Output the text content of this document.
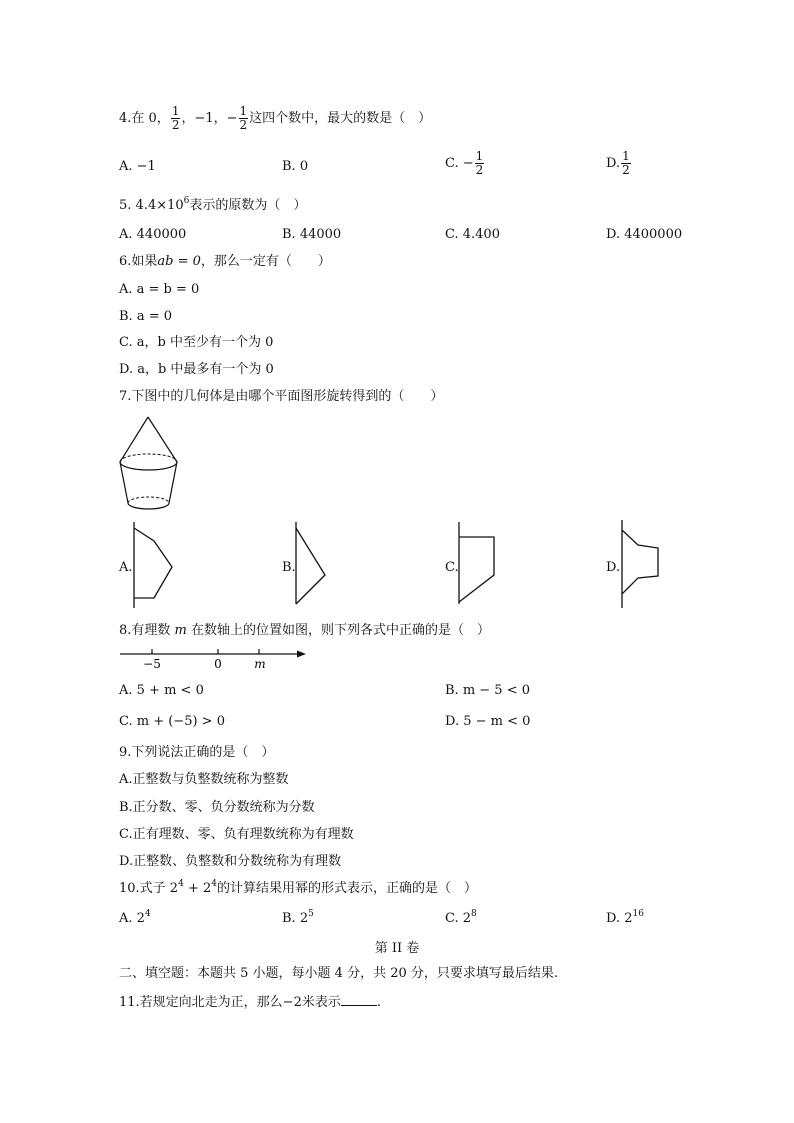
4.在 0， $\frac{1}{2}$ ，−1，− $\frac{1}{2}$ 这四个数中，最大的数是（　）
A. −1	B. 0	C. − $\frac{1}{2}$	D. $\frac{1}{2}$
5. $4.4\times 10^6$表示的原数为（　）
A. 440000	B. 44000	C. 4.400	D. 4400000
6.如果ab = 0，那么一定有（　　）
A. a = b = 0
B. a = 0
C. a，b 中至少有一个为 0
D. a，b 中最多有一个为 0
7.下图中的几何体是由哪个平面图形旋转得到的（　　）
A.	B.	C.	D.
8.有理数 m 在数轴上的位置如图，则下列各式中正确的是（　）
−5	0	m
A. 5 + m < 0	B. m − 5 < 0
C. m + (−5) > 0	D. 5 − m < 0
9.下列说法正确的是（　）
A.正整数与负整数统称为整数
B.正分数、零、负分数统称为分数
C.正有理数、零、负有理数统称为有理数
D.正整数、负整数和分数统称为有理数
10.式子 $2^4 + 2^4$的计算结果用幂的形式表示，正确的是（　）
A. $2^4$	B. $2^5$	C. $2^8$	D. $2^{16}$
第 II 卷
二、填空题：本题共 5 小题，每小题 4 分，共 20 分，只要求填写最后结果.
11.若规定向北走为正，那么−2米表示	.
